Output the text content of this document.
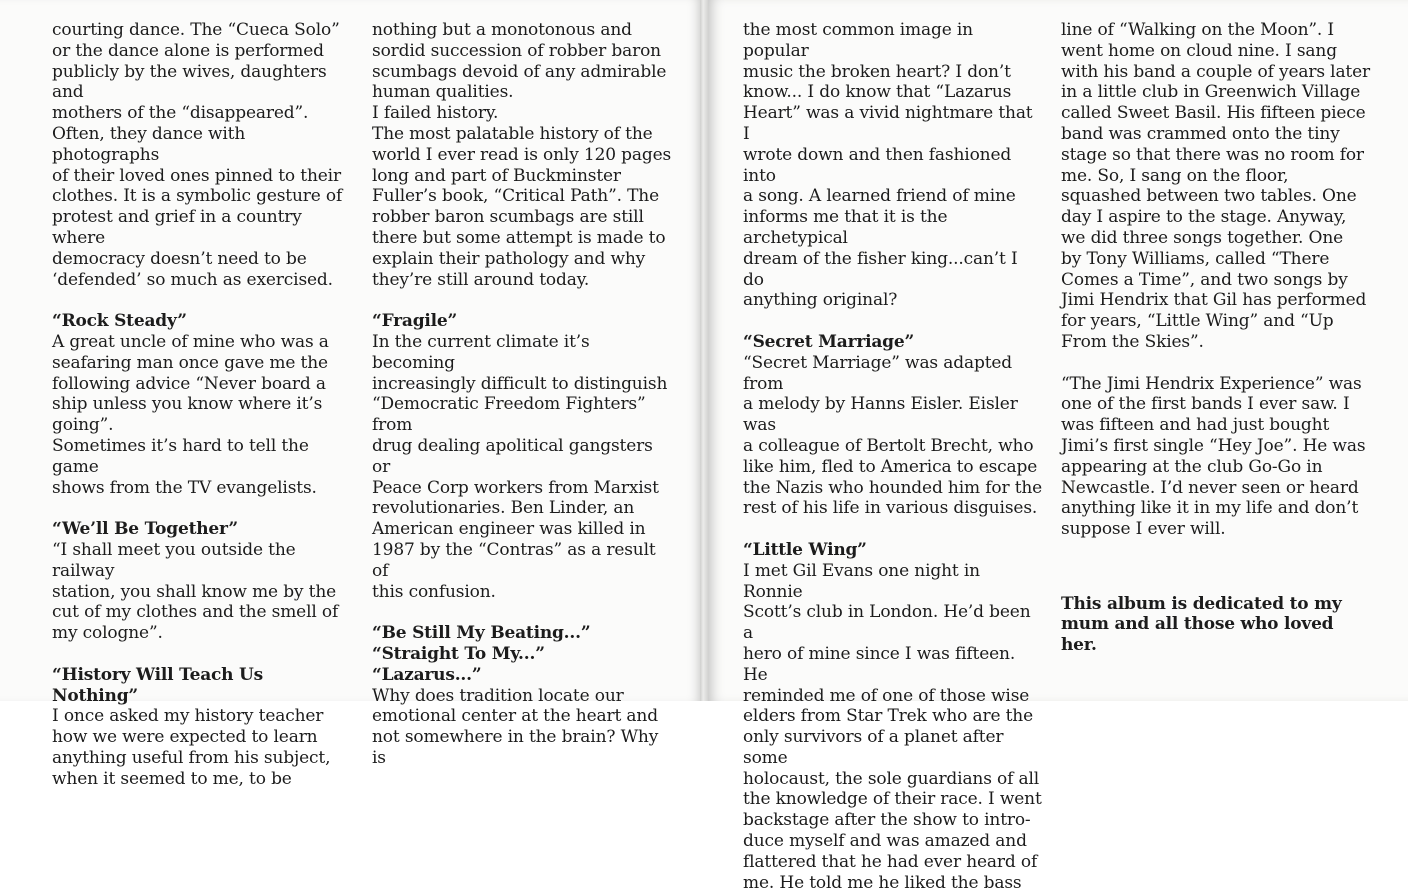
courting dance. The “Cueca Solo”
or the dance alone is performed
publicly by the wives, daughters and
mothers of the “disappeared”.
Often, they dance with photographs
of their loved ones pinned to their
clothes. It is a symbolic gesture of
protest and grief in a country where
democracy doesn’t need to be
‘defended’ so much as exercised.

“Rock Steady”

A great uncle of mine who was a
seafaring man once gave me the
following advice “Never board a
ship unless you know where it’s
going”.
Sometimes it’s hard to tell the game
shows from the TV evangelists.

“We’ll Be Together”

“I shall meet you outside the railway
station, you shall know me by the
cut of my clothes and the smell of
my cologne”.

“History Will Teach Us Nothing”

I once asked my history teacher
how we were expected to learn
anything useful from his subject,
when it seemed to me, to be

nothing but a monotonous and
sordid succession of robber baron
scumbags devoid of any admirable
human qualities.
I failed history.
The most palatable history of the
world I ever read is only 120 pages
long and part of Buckminster
Fuller’s book, “Critical Path”. The
robber baron scumbags are still
there but some attempt is made to
explain their pathology and why
they’re still around today.

“Fragile”

In the current climate it’s becoming
increasingly difficult to distinguish
“Democratic Freedom Fighters” from
drug dealing apolitical gangsters or
Peace Corp workers from Marxist
revolutionaries. Ben Linder, an
American engineer was killed in
1987 by the “Contras” as a result of
this confusion.

“Be Still My Beating...”
“Straight To My...”
“Lazarus...”

Why does tradition locate our
emotional center at the heart and
not somewhere in the brain? Why is

the most common image in popular
music the broken heart? I don’t
know... I do know that “Lazarus
Heart” was a vivid nightmare that I
wrote down and then fashioned into
a song. A learned friend of mine
informs me that it is the archetypical
dream of the fisher king...can’t I do
anything original?

“Secret Marriage”

“Secret Marriage” was adapted from
a melody by Hanns Eisler. Eisler was
a colleague of Bertolt Brecht, who
like him, fled to America to escape
the Nazis who hounded him for the
rest of his life in various disguises.

“Little Wing”

I met Gil Evans one night in Ronnie
Scott’s club in London. He’d been a
hero of mine since I was fifteen. He
reminded me of one of those wise
elders from Star Trek who are the
only survivors of a planet after some
holocaust, the sole guardians of all
the knowledge of their race. I went
backstage after the show to intro-
duce myself and was amazed and
flattered that he had ever heard of
me. He told me he liked the bass

line of “Walking on the Moon”. I
went home on cloud nine. I sang
with his band a couple of years later
in a little club in Greenwich Village
called Sweet Basil. His fifteen piece
band was crammed onto the tiny
stage so that there was no room for
me. So, I sang on the floor,
squashed between two tables. One
day I aspire to the stage. Anyway,
we did three songs together. One
by Tony Williams, called “There
Comes a Time”, and two songs by
Jimi Hendrix that Gil has performed
for years, “Little Wing” and “Up
From the Skies”.

“The Jimi Hendrix Experience” was
one of the first bands I ever saw. I
was fifteen and had just bought
Jimi’s first single “Hey Joe”. He was
appearing at the club Go-Go in
Newcastle. I’d never seen or heard
anything like it in my life and don’t
suppose I ever will.

This album is dedicated to my
mum and all those who loved
her.
